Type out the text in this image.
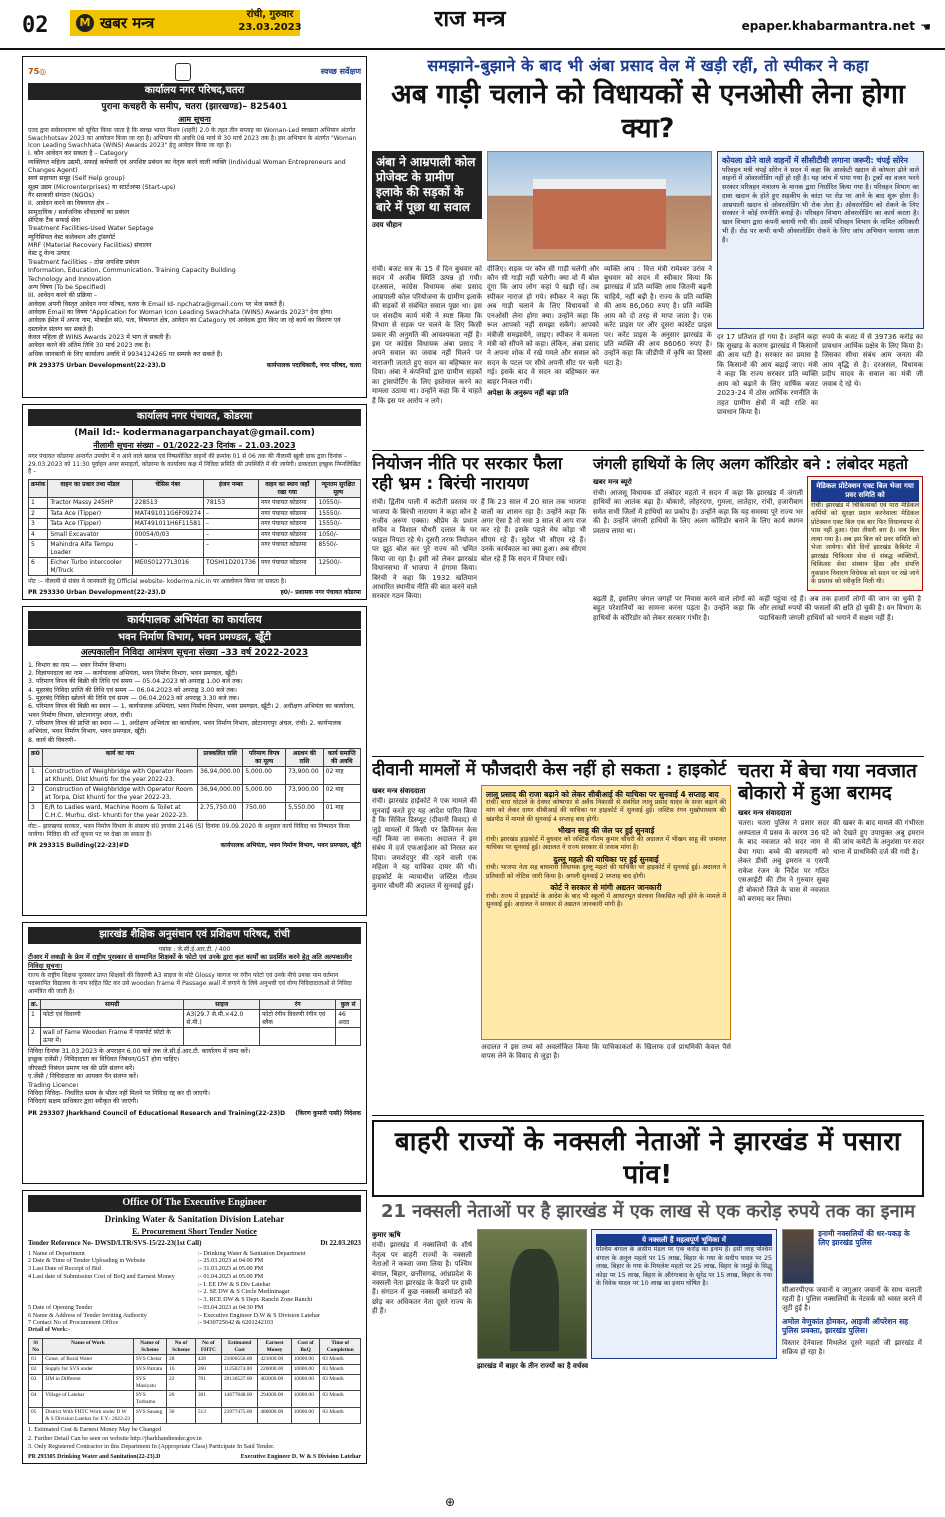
02	M खबर मन्त्र	रांची, गुरुवार
23.03.2023	राज मन्त्र	epaper.khabarmantra.net ☚
75◎	स्वच्छ सर्वेक्षण
कार्यालय नगर परिषद,चतरा
पुराना कचहरी के समीप, चतरा (झारखण्ड)– 825401
आम सूचना
एतद द्वारा सर्वसाधारण को सूचित किया जाता है कि स्वच्छ भारत मिशन (शहरी) 2.0 के तहत तीन सप्ताह का Woman-Led स्वच्छता अभियान अंतर्गत Swachhotsav 2023 का आयोजन किया जा रहा है। अभियान की अवधि 08 मार्च से 30 मार्च 2023 तक है। इस अभियान के अंतर्गत "Woman Icon Leading Swachhata (WINS) Awards 2023" हेतु आवेदन किया जा रहा है।
I. कौन आवेदन कर सकता है – Category
व्यक्तिगत महिला उद्यमी, सफाई कर्मचारी एवं अपशिष्ट प्रबंधन का नेतृत्व करने वाली व्यक्ति (Individual Woman Entrepreneurs and Changes Agent)
स्वयं सहायता समूह (Self Help group)
सूक्ष्म उद्यम (Microenterprises) या स्टार्टअप्स (Start-ups)
गैर सरकारी संगठन (NGOs)
II. आवेदन करने का विषयगत क्षेत्र –
सामुदायिक / सार्वजनिक शौचालयों का प्रबंधन
सेप्टिक टैंक सफाई सेवा
Treatment Facilities-Used Water Septage
म्युनिसिपल वेस्ट कलेक्शन और ट्रांसपोर्ट
MRF (Material Recovery Facilities) संचालन
वेस्ट टू वेल्थ उत्पाद
Treatment facilities – ठोस अपशिष्ट प्रबंधन
Information, Education, Communication, Training Capacity Building
Technology and Innovation
अन्य विषय (To be Specified)
III. आवेदन करने की प्रक्रिया –
आवेदक अपनी विस्तृत आवेदन नगर परिषद, चतरा के Email Id- npchatra@gmail.com पर भेज सकते हैं।
आवेदक Email का विषय "Application for Woman Icon Leading Swachhata (WINS) Awards 2023" देना होगा।
आवेदक ईमेल में अपना नाम, मोबाईल सं0, पता, विषयगत क्षेत्र, आवेदन का Category एवं आवेदक द्वारा किए जा रहे कार्य का विवरण एवं दस्तावेज संलग्न कर सकते हैं।
केवल महिला ही WINS Awards 2023 में भाग ले सकती हैं।
आवेदन करने की अंतिम तिथि 30 मार्च 2023 तक है।
अधिक जानकारी के लिए कार्यालय अवधि में 9934124265 पर सम्पर्क कर सकते हैं।
PR 293375 Urban Development(22-23).D	कार्यपालक पदाधिकारी, नगर परिषद, चतरा
कार्यालय नगर पंचायत, कोडरमा
(Mail Id:- kodermanagarpanchayat@gmail.com)
नीलामी सूचना संख्या – 01/2022-23 दिनांक – 21.03.2023
नगर पंचायत कोडरमा अन्तर्गत उपयोग में न आने वाले खराब एवं निष्प्रयोजित वाहनों की क्रमांक 01 से 06 तक की नीलामी खुली डाक द्वारा दिनांक – 29.03.2023 को 11:30 पूर्वाहन अपर समाहर्ता, कोडरमा के कार्यालय कक्ष में निविदा समिति की उपस्थिति में की जायेगी। डाकदाता इच्छुक निम्नलिखित हैं –
क्रमांक	वाहन का प्रकार तथा मॉडल	चेसिस नंबर	इंजन नम्बर	वाहन का स्थान जहाँ रखा गया	न्यूनतम सुरक्षित मूल्य
1	Tractor Massy 245HP	228513	78153	नगर पंचायत कोडरमा	10550/-
2	Tata Ace (Tipper)	MAT491011G6F09274	–	नगर पंचायत कोडरमा	15550/-
3	Tata Ace (Tipper)	MAT491011H6F11581	–	नगर पंचायत कोडरमा	15550/-
4	Small Excavator	00054/0/03	–	नगर पंचायत कोडरमा	1050/-
5	Mahindra Alfa Tempu Loader	–	–	नगर पंचायत कोडरमा	8550/-
6	Eicher Turbo intercooler M/Truck	ME0S01277L3016	TOSHI1D201736	नगर पंचायत कोडरमा	12500/-
नोट :– नीलामी से संबंध में जानकारी हेतु Official website- koderma.nic.in पर अवलोकन किया जा सकता है।
PR 293330 Urban Development(22-23).D	ह0/– प्रशासक नगर पंचायत कोडरमा
कार्यपालक अभियंता का कार्यालय
भवन निर्माण विभाग, भवन प्रमण्डल, खूँटी
अल्पकालीन निविदा आमंत्रण सूचना संख्या –33 वर्ष 2022-2023
1. विभाग का नाम — भवन निर्माण विभाग।
2. विज्ञापनदाता का नाम — कार्यपालक अभियंता, भवन निर्माण विभाग, भवन प्रमण्डल, खूँटी।
3. परिमाण विपत्र की बिक्री की तिथि एवं समय — 05.04.2023 को अपराह्न 1.00 बजे तक।
4. मुहरबंद निविदा प्राप्ति की तिथि एवं समय — 06.04.2023 को अपराह्न 3.00 बजे तक।
5. मुहरबंद निविदा खोलने की तिथि एवं समय — 06.04.2023 को अपराह्न 3.30 बजे तक।
6. परिमाण विपत्र की बिक्री का स्थान — 1. कार्यपालक अभियंता, भवन निर्माण विभाग, भवन प्रमण्डल, खूँटी। 2. अधीक्षण अभियंता का कार्यालय, भवन निर्माण विभाग, छोटानागपुर अंचल, रांची।
7. परिमाण विपत्र की प्राप्ति का स्थान — 1. अधीक्षण अभियंता का कार्यालय, भवन निर्माण विभाग, छोटानागपुर अंचल, रांची। 2. कार्यपालक अभियंता, भवन निर्माण विभाग, भवन प्रमण्डल, खूँटी।
8. कार्य की विवरणी–
क्र0	कार्य का नाम	प्राक्कलित राशि	परिमाण विपत्र का मूल्य	अग्रधन की राशि	कार्य समाप्ति की अवधि
1	Construction of Weighbridge with Operator Room at Khunti, Dist khunti for the year 2022-23.	36,94,000.00	5,000.00	73,900.00	02 माह
2	Construction of Weighbridge with Operator Room at Torpa, Dist khunti for the year 2022-23.	36,94,000.00	5,000.00	73,900.00	02 माह
3	E/R to Ladies ward, Machine Room & Toilet at C.H.C. Murhu, dist- khunti for the year 2022-23.	2,75,750.00	750.00	5,550.00	01 माह
नोट:– झारखण्ड सरकार, भवन निर्माण विभाग के संकल्प सं0 ज्ञापांक 2146 (S) दिनांक 09.09.2020 के अनुसार कार्य निविदा का निष्पादन किया जायेगा। निविदा की शर्तें सूचना पट पर देखा जा सकता है।
PR 293315 Building(22-23)#D	कार्यपालक अभियंता, भवन निर्माण विभाग, भवन प्रमण्डल, खूँटी
झारखंड शैक्षिक अनुसंधान एवं प्रशिक्षण परिषद, रांची
पत्रांक : जे.सी.ई.आर.टी. / 400
टीआर में लकड़ी के फ्रेम में राष्ट्रीय पुरस्कार से सम्मानित शिक्षकों के फोटो एवं उनके द्वारा कृत कार्यों का प्रदर्शित करने हेतु अति अल्पकालीन निविदा सूचना।
राज्य के राष्ट्रीय शिक्षक पुरस्कार प्राप्त शिक्षकों की विवरणी A3 साइज के मोटे Glossy कागज पर रंगीन फोटो एवं उनके नीचे उनका नाम वर्तमान पदस्थापित विद्यालय के नाम सहित प्रिंट कर उसे wooden frame में Passage wall में लगाने के लिये अनुभवी एवं योग्य निविदादाताओं से निविदा आमंत्रित की जाती है।
क्र.	सामग्री	साइज	रंग	कुल सं
1	फोटो एवं विवरणी	A3(29.7 से.मी.×42.0 से.मी.)	फोटो रंगीन विवरणी रंगीन एवं ब्लैक	46 अदद
2	wall of Fame Wooden Frame में पासपोर्ट फ़ोटो के ऊपर में।			
निविदा दिनांक 31.03.2023 के अपराहन 6.00 बजे तक जे.सी.ई.आर.टी. कार्यालय में जमा करें।
इच्छुक एजेंसी / निविदादाता का विधिवत निबंधन/GST होना चाहिए।
जीएसटी निबंधन प्रमाण पत्र की प्रति संलग्न करें।
ए.जेंसी / निविदादाता का आयकर पैन संलग्न करें।
Trading Licence।
निविदा निविदा– निर्धारित समय के भीतर नहीं मिलने पर निविदा रद्द कर दी जाएगी।
निविदाएं सक्षम प्राधिकार द्वारा स्वीकृत की जाएंगी।
PR 293307 Jharkhand Council of Educational Research and Training(22-23)D (किरण कुमारी पासी) निदेशक
Office Of The Executive Engineer
Drinking Water & Sanitation Division Latehar
E. Procurement Short Tender Notice
Tender Reference No- DWSD/LTR/SVS-15/22-23(1st Call)	Dt 22.03.2023
1 Name of Department	:- Drinking Water & Sanitation Department
2 Date & Time of Tender Uploading in Website	:- 25.03.2023 at 04.00 PM
3 Last Date of Receipt of Bid	:- 31.03.2023 at 05.00 PM
4 Last date of Submission Cost of BoQ and Earnest Money	:- 01.04.2023 at 05.00 PM
:- I. EE DW & S Div Latehar
:- 2. SE DW & S Circle Medininagar
:- 3. RCE DW & S Dept. Ranchi Zone Ranchi
5 Date of Opening Tender	:- 03.04.2023 at 04:30 PM
6 Name & Address of Tender Inviting Authority	:- Executive Engineer D.W & S Division Latehar
7 Contact No of Procurement Office	:- 9430725642 & 6201242103
Detail of Work:-
Sl No	Name of Work	Name of Scheme	No of Scheme	No of FHTC	Estimated Cost	Earnest Money	Cost of BoQ	Time of Completion
01	Const. of Rural Water	SVS Chetar	28	428	21006556.00	421000.00	10000.00	03 Month
02	Supply for SVS under	SVS Patratu	16	260	11258274.00	226000.00	10000.00	03 Month
03	JJM in Different	SVS Masiyatu	22	701	20136527.00	403000.00	10000.00	03 Month
04	Village of Latehar	SVS Turbamu	20	301	14677848.00	294000.00	10000.00	03 Month
05	District With FHTC Work under D W & S Division Latehar for F.Y.- 2022-23	SVS Sasang	30	513	23977475.00	480000.00	10000.00	03 Month
1. Estimated Cost & Earnest Money May be Changed
2. Further Detail Can be seen on website http://jharkhandtender.gov.in
3. Only Registered Contractor in this Department In (Appropriate Class) Participate In Said Tender.
PR 293305 Drinking Water and Sanitation(22-23).D	Executive Engineer D. W & S Division Latehar
समझाने-बुझाने के बाद भी अंबा प्रसाद वेल में खड़ी रहीं, तो स्पीकर ने कहा
अब गाड़ी चलाने को विधायकों से एनओसी लेना होगा क्या?
अंबा ने आम्रपाली कोल प्रोजेक्ट के ग्रामीण इलाके की सड़कों के बारे में पूछा था सवाल
उदय चौहान
रांची। बजट सत्र के 15 वें दिन बुधवार को सदन में अजीब स्थिति उत्पन्न हो गयी। दरअसल, कांग्रेस विधायक अंबा प्रसाद आम्रपाली कोल परियोजना के ग्रामीण इलाके की सड़कों से संबंधित सवाल पूछा था। इस पर संसदीय कार्य मंत्री ने स्पष्ट किया कि विभाग से सड़क पर चलने के लिए किसी प्रकार की अनुमति की आवश्यकता नहीं है। इस पर कांग्रेस विधायक अंबा प्रसाद ने अपने सवाल का जवाब नहीं मिलने पर नाराजगी जताते हुए सदन का बहिष्कार कर दिया। अंबा ने कंपनियों द्वारा ग्रामीण सड़कों का ट्रांसपोर्टिंग के लिए इस्तेमाल करने का मामला उठाया था। उन्होंने कहा कि वे चाहते हैं कि इस पर आरोप न लगे।
दीजिए। सड़क पर कौन सी गाड़ी चलेगी और कौन सी गाड़ी नहीं चलेगी। क्या वो मैं बोल दूंगा कि आप लोग कहां पे खड़ी रहें। तब स्पीकर नाराज हो गये। स्पीकर ने कहा कि अब गाड़ी चलाने के लिए विधायकों से एनओसी लेना होगा क्या। उन्होंने कहा कि रूल आपको नहीं समझा सकेंगे। आपको मंत्रीजी समझायेंगे, जाइए। स्पीकर ने कमला मंत्री को सौंपने को कहा। लेकिन, अंबा प्रसाद ने अपना शोक में रखे गमले और सवाल को सदन के पटल पर सीधे अपनी सीट पर चली गई। इसके बाद वे सदन का बहिष्कार कर बाहर निकल गयीं।
अपेक्षा के अनुरूप नहीं बढ़ा प्रति
व्यक्ति आय : वित्त मंत्री रामेश्वर उरांव ने बुधवार को सदन में स्वीकार किया कि झारखंड में प्रति व्यक्ति आय जितनी बढ़नी चाहिये, नहीं बढ़ी है। राज्य के प्रति व्यक्ति की आय 86,060 रुपए है। प्रति व्यक्ति आय को दो तरह से मापा जाता है। एक करेंट प्राइस पर और दूसरा कांस्टेंट प्राइस पर। करेंट प्राइस के अनुसार झारखंड के प्रति व्यक्ति की आय 86060 रुपए है। उन्होंने कहा कि जीडीपी में कृषि का हिस्सा घटा है।
कोयला ढोने वाले वाहनों में सीसीटीवी लगाना जरूरी: चंपई सोरेन
परिवहन मंत्री चंपई सोरेन ने सदन में कहा कि आरकेटी खदान से कोयला ढोने वाले वाहनों में ओवरलोडिंग नहीं हो रही है। यह जांच में पाया गया है। ट्रकों का वजन भरने सरकार परिवहन मंत्रालय के मानक द्वारा निर्धारित किया गया है। परिवहन विभाग का दावा खदान के होते हुए सड़कीय के कांटा पर रोड पर आने के बाद शुरू होता है। आम्रपाली खदान से ओवरलोडिंग भी रोक लेता है। ओवरलोडिंग को रोकने के लिए सरकार ने कोई रणनीति बनाई है। परिवहन विभाग ओवरलोडिंग का कार्य करता है। खान विभाग द्वारा कंपनी बनायी गयी थी। उसमें परिवहन विभाग के नामित अधिकारी भी हैं। रोड पर कभी कभी ओवरलोडिंग रोकने के लिए जांच अभियान चलाया जाता है।
दर 17 प्रतिशत हो गया है। उन्होंने कहा कि सुखाड़ के कारण झारखंड में किसानों की आय घटी है। सरकार का प्रयास है कि किसानों की आय बढ़ाई जाए। मंत्री ने कहा कि राज्य सरकार प्रति व्यक्ति आय को बढ़ाने के लिए वार्षिक बजट 2023-24 में ठोस आर्थिक रणनीति के तहत ग्रामीण क्षेत्रों में बड़ी राशि का प्रावधान किया है।
रुपये के बजट में से 39736 करोड़ का प्रावधान आर्थिक प्रक्षेत्र के लिए किया है। जिसका सीधा संबंध आम जनता की आय वृद्धि से है। दरअसल, विधायक प्रदीप यादव के सवाल का मंत्री जी जवाब दे रहे थे।
नियोजन नीति पर सरकार फैला रही भ्रम : बिरंची नारायण
रांची। द्वितीय पाली में कटौती प्रस्ताव पर भाजपा के बिरंची नारायण ने कहा कौन है राजीव अरुण एक्का। श्रीप्रेम के प्रधान सचिव व विशाल चौधरी दलाल के घर फाइल निपटा रहे थे। दूसरी तरफ नियोजन पर झूठ बोल कर पुरे राज्य को भ्रमित किया जा रहा है। इसी को लेकर झारखंड विधानसभा में भाजपा ने हंगामा किया। बिरंची ने कहा कि 1932 खतियान आधारित स्थानीय नीति की बात करने वाले सरकार गठन किया।
हैं कि 23 साल में 20 साल तक भाजपा वालों का शासन रहा है। उन्होंने कहा कि अगर ऐसा है तो सवा 3 साल से आप राज कर रहे हैं। इसके पहले मेघ कोड़ा भी सीएम रहे हैं। सुदेश भी सीएम रहे हैं। उनके कार्यकाल का क्या हुआ। अब सीएम बोल रहे हैं कि सदन में विचार रखें।
जंगली हाथियों के लिए अलग कॉरिडोर बने : लंबोदर महतो
खबर मन्त्र ब्यूरो
रांची। आजसू विधायक डॉ लंबोदर महतो ने सदन में कहा कि झारखंड में जंगली हाथियों का आतंक बढ़ा है। बोकारो, लोहरदगा, गुमला, लातेहार, रांची, हजारीबाग समेत सभी जिलों में हाथियों का प्रकोप है। उन्होंने कहा कि यह समस्या पूरे राज्य भर की है। उन्होंने जंगली हाथियों के लिए अलग कॉरिडोर बनाने के लिए कार्य स्थगन प्रस्ताव लाया था।
मेडिकल प्रोटेक्शन एक्ट बिल भेजा गया प्रवर समिति को
रांची। झारखंड में चिकित्सकों एवं पारा मेडिकल कर्मियों को सुरक्षा प्रदान करनेवाला मेडिकल प्रोटेक्शन एक्ट बिल एक बार फिर विधानसभा से पास नहीं हुआ। ऐसा तीसरी बार है। जब बिल लाया गया है। अब इस बिल को प्रवर समिति को भेजा जायेगा। बीते दिनों झारखंड कैबिनेट में झारखंड चिकित्सा सेवा से संबद्ध व्यक्तियों, चिकित्सा सेवा संस्थान हिंसा और संपत्ति नुकसान निवारण विधेयक को सदन पर रखे जाने के प्रस्ताव को स्वीकृति मिली थी।
बढ़ती है, इसलिए जंगल जगहों पर निवास करने वाले लोगों को बहुत परेशानियों का सामना करना पड़ता है। उन्होंने कहा कि हाथियों के कॉरिडोर को लेकर सरकार गंभीर है।
कहीं पहुंचा रहे हैं। अब तक हजारों लोगों की जान जा चुकी है और लाखों रुपयों की फसलों की क्षति हो चुकी है। वन विभाग के पदाधिकारी जंगली हाथियों को भगाने में सक्षम नहीं हैं।
दीवानी मामलों में फौजदारी केस नहीं हो सकता : हाइकोर्ट
खबर मन्त्र संवाददाता
रांची। झारखंड हाईकोर्ट ने एक मामले की सुनवाई करते हुए यह आदेश पारित किया है कि सिविल डिस्प्यूट (दीवानी विवाद) से जुड़े मामलों में किसी पर क्रिमिनल केस नहीं किया जा सकता। अदालत ने इस संबंध में दर्ज एफआईआर को निरस्त कर दिया। जमशेदपुर की रहने वाली एक महिला ने यह याचिका दायर की थी। हाइकोर्ट के न्यायाधीश जस्टिस गौतम कुमार चौधरी की अदालत में सुनवाई हुई।
लालू प्रसाद की राजा बढ़ाने को लेकर सीबीआई की याचिका पर सुनवाई 4 सप्ताह बाद
रांची। चारा घोटाले के देवघर कोषागार से अवैध निकासी से संबंधित लालू प्रसाद यादव के सजा बढ़ाने की मांग को लेकर दायर सीबीआई की याचिका पर हाइकोर्ट में सुनवाई हुई। जस्टिस रंगन मुखोपाध्याय की खंडपीठ में मामले की सुनवाई 4 सप्ताह बाद होगी।
भीखन साहु की जेल पर हुई सुनवाई
रांची। झारखंड हाइकोर्ट में बुधवार को जस्टिस गौतम कुमार चौधरी की अदालत में भीखन साहू की जमानत याचिका पर सुनवाई हुई। अदालत ने राज्य सरकार से जवाब मांगा है।
दुल्लू महतो की याचिका पर हुई सुनवाई
रांची। भाजपा नेता सह बाघमारा विधायक दुल्लू महतो की याचिका पर हाइकोर्ट में सुनवाई हुई। अदालत ने प्रतिवादी को नोटिस जारी किया है। अगली सुनवाई 2 सप्ताह बाद होगी।
कोर्ट ने सरकार से मांगी अद्यतन जानकारी
रांची। राज्य में हाइकोर्ट के आदेश के बाद भी स्कूलों में आधारभूत संरचना विकसित नहीं होने के मामले में सुनवाई हुई। अदालत ने सरकार से अद्यतन जानकारी मांगी है।
अदालत ने इस तथ्य को अवलोकित किया कि याचिकाकर्ता के खिलाफ दर्ज प्राथमिकी केवल पैसे वापस लेने के विवाद से जुड़ा है।
चतरा में बेचा गया नवजात बोकारो में हुआ बरामद
खबर मन्त्र संवाददाता
चतरा। चतरा पुलिस ने प्रसार सदर अस्पताल में प्रसव के कारण 36 घंटे के बाद नवजात को सदर नाम से बेचा गया। बच्चे की बरामदगी को लेकर डीसी अबु इमरान व एसपी राकेश रंजन के निर्देश पर गठित एसआईटी की टीम ने गुरुवार सुबह ही बोकारो जिले के चास से नवजात को बरामद कर लिया।
की खबर के बाद मामले की गंभीरता को देखते हुए उपायुक्त अबु इमरान की जांच कमेटी के अनुशंसा पर सदर थाना में प्राथमिकी दर्ज की गयी है।
बाहरी राज्यों के नक्सली नेताओं ने झारखंड में पसारा पांव!
21 नक्सली नेताओं पर है झारखंड में एक लाख से एक करोड़ रुपये तक का इनाम
कुमार ऋषि
रांची। झारखंड में नक्सलियों के शीर्ष नेतृत्व पर बाहरी राज्यों के नक्सली नेताओं ने कब्जा जमा लिया है। पश्चिम बंगाल, बिहार, छत्तीसगढ़, आंध्रप्रदेश के नक्सली नेता झारखंड के कैडरों पर हावी हैं। संगठन में कुछ नक्सली कमांडरों को छोड़ कर अधिकतर नेता दूसरे राज्य के ही हैं।
ये नक्सली हैं महत्वपूर्ण भूमिका में
पश्चिम बंगाल के असीम मंडल पर एक करोड़ का इनाम है। इसी तरह पश्चिम बंगाल के अनुल महतो पर 15 लाख, बिहार के गया के सदीप यादव पर 25 लाख, बिहार के गया के मिथलेश महतो पर 25 लाख, बिहार के जमुई के सिद्धू कोड़ा पर 15 लाख, बिहार के औरंगाबाद के सुरेंद्र पर 15 लाख, बिहार के गया के विवेक यादव पर 10 लाख का इनाम घोषित है।
झारखंड में बाहर के तीन राज्यों का है वर्चस्व
इनामी नक्सलियों की धर-पकड़ के लिए झारखंड पुलिस
सीआरपीएफ जवानों व जगुआर जवानों के साथ चलाती रहती है। पुलिस नक्सलियों के नेटवर्क को ध्वस्त करने में जुटी हुई है।
अमोल वेणुकांत होमकर, आइजी ऑपरेशन सह पुलिस प्रवक्ता, झारखंड पुलिस।
विस्तार देनेवाला मिथलेश दूसरे महतो जी झारखंड में सक्रिय हो रहा है।
⊕
